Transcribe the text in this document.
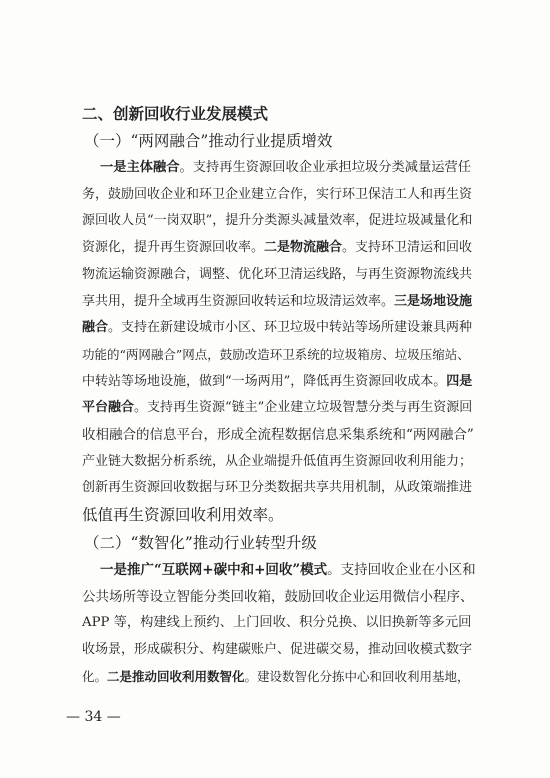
二、创新回收行业发展模式
（一）“两网融合”推动行业提质增效
一是主体融合。支持再生资源回收企业承担垃圾分类减量运营任
务，鼓励回收企业和环卫企业建立合作，实行环卫保洁工人和再生资
源回收人员“一岗双职”，提升分类源头减量效率，促进垃圾减量化和
资源化，提升再生资源回收率。二是物流融合。支持环卫清运和回收
物流运输资源融合，调整、优化环卫清运线路，与再生资源物流线共
享共用，提升全域再生资源回收转运和垃圾清运效率。三是场地设施
融合。支持在新建设城市小区、环卫垃圾中转站等场所建设兼具两种
功能的“两网融合”网点，鼓励改造环卫系统的垃圾箱房、垃圾压缩站、
中转站等场地设施，做到“一场两用”，降低再生资源回收成本。四是
平台融合。支持再生资源“链主”企业建立垃圾智慧分类与再生资源回
收相融合的信息平台，形成全流程数据信息采集系统和“两网融合”
产业链大数据分析系统，从企业端提升低值再生资源回收利用能力；
创新再生资源回收数据与环卫分类数据共享共用机制，从政策端推进
低值再生资源回收利用效率。
（二）“数智化”推动行业转型升级
一是推广“互联网+碳中和+回收”模式。支持回收企业在小区和
公共场所等设立智能分类回收箱，鼓励回收企业运用微信小程序、
APP 等，构建线上预约、上门回收、积分兑换、以旧换新等多元回
收场景，形成碳积分、构建碳账户、促进碳交易，推动回收模式数字
化。二是推动回收利用数智化。建设数智化分拣中心和回收利用基地，
— 34 —
